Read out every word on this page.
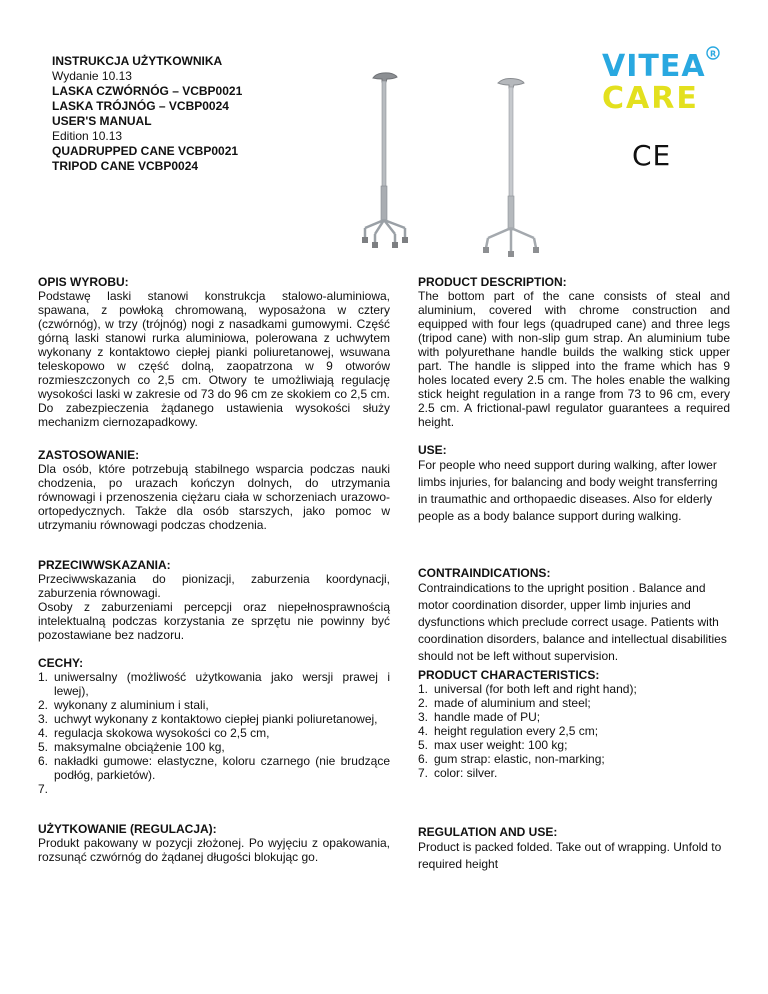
INSTRUKCJA UŻYTKOWNIKA
Wydanie 10.13
LASKA CZWÓRNÓG – VCBP0021
LASKA TRÓJNÓG – VCBP0024
USER'S MANUAL
Edition 10.13
QUADRUPPED CANE VCBP0021
TRIPOD CANE VCBP0024
VITEA
CARE
R
CE
OPIS WYROBU:
Podstawę laski stanowi konstrukcja stalowo-aluminiowa, spawana, z powłoką chromowaną, wyposażona w cztery (czwórnóg), w trzy (trójnóg) nogi z nasadkami gumowymi. Część górną laski stanowi rurka aluminiowa, polerowana z uchwytem wykonany z kontaktowo ciepłej pianki poliuretanowej, wsuwana teleskopowo w część dolną, zaopatrzona w 9 otworów rozmieszczonych co 2,5 cm. Otwory te umożliwiają regulację wysokości laski w zakresie od 73 do 96 cm ze skokiem co 2,5 cm. Do zabezpieczenia żądanego ustawienia wysokości służy mechanizm ciernozapadkowy.
ZASTOSOWANIE:
Dla osób, które potrzebują stabilnego wsparcia podczas nauki chodzenia, po urazach kończyn dolnych, do utrzymania równowagi i przenoszenia ciężaru ciała w schorzeniach urazowo-ortopedycznych. Także dla osób starszych, jako pomoc w utrzymaniu równowagi podczas chodzenia.
PRZECIWWSKAZANIA:
Przeciwwskazania do pionizacji, zaburzenia koordynacji, zaburzenia równowagi.
Osoby z zaburzeniami percepcji oraz niepełnosprawnością intelektualną podczas korzystania ze sprzętu nie powinny być pozostawiane bez nadzoru.
CECHY:
1. uniwersalny (możliwość użytkowania jako wersji prawej i lewej),
2. wykonany z aluminium i stali,
3. uchwyt wykonany z kontaktowo ciepłej pianki poliuretanowej,
4. regulacja skokowa wysokości co 2,5 cm,
5. maksymalne obciążenie 100 kg,
6. nakładki gumowe: elastyczne, koloru czarnego (nie brudzące podłóg, parkietów).
7.
UŻYTKOWANIE (REGULACJA):
Produkt pakowany w pozycji złożonej. Po wyjęciu z opakowania, rozsunąć czwórnóg do żądanej długości blokując go.
PRODUCT DESCRIPTION:
The bottom part of the cane consists of steal and aluminium, covered with chrome construction and equipped with four legs (quadruped cane) and three legs (tripod cane) with non-slip gum strap. An aluminium tube with polyurethane handle builds the walking stick upper part. The handle is slipped into the frame which has 9 holes located every 2.5 cm. The holes enable the walking stick height regulation in a range from 73 to 96 cm, every 2.5 cm. A frictional-pawl regulator guarantees a required height.
USE:
For people who need support during walking, after lower limbs injuries, for balancing and body weight transferring in traumathic and orthopaedic diseases. Also for elderly people as a body balance support during walking.
CONTRAINDICATIONS:
Contraindications to the upright position . Balance and motor coordination disorder, upper limb injuries and dysfunctions which preclude correct usage. Patients with coordination disorders, balance and intellectual disabilities should not be left without supervision.
PRODUCT CHARACTERISTICS:
1. universal (for both left and right hand);
2. made of aluminium and steel;
3. handle made of PU;
4. height regulation every 2,5 cm;
5. max user weight: 100 kg;
6. gum strap: elastic, non-marking;
7. color: silver.
REGULATION AND USE:
Product is packed folded. Take out of wrapping. Unfold to required height
